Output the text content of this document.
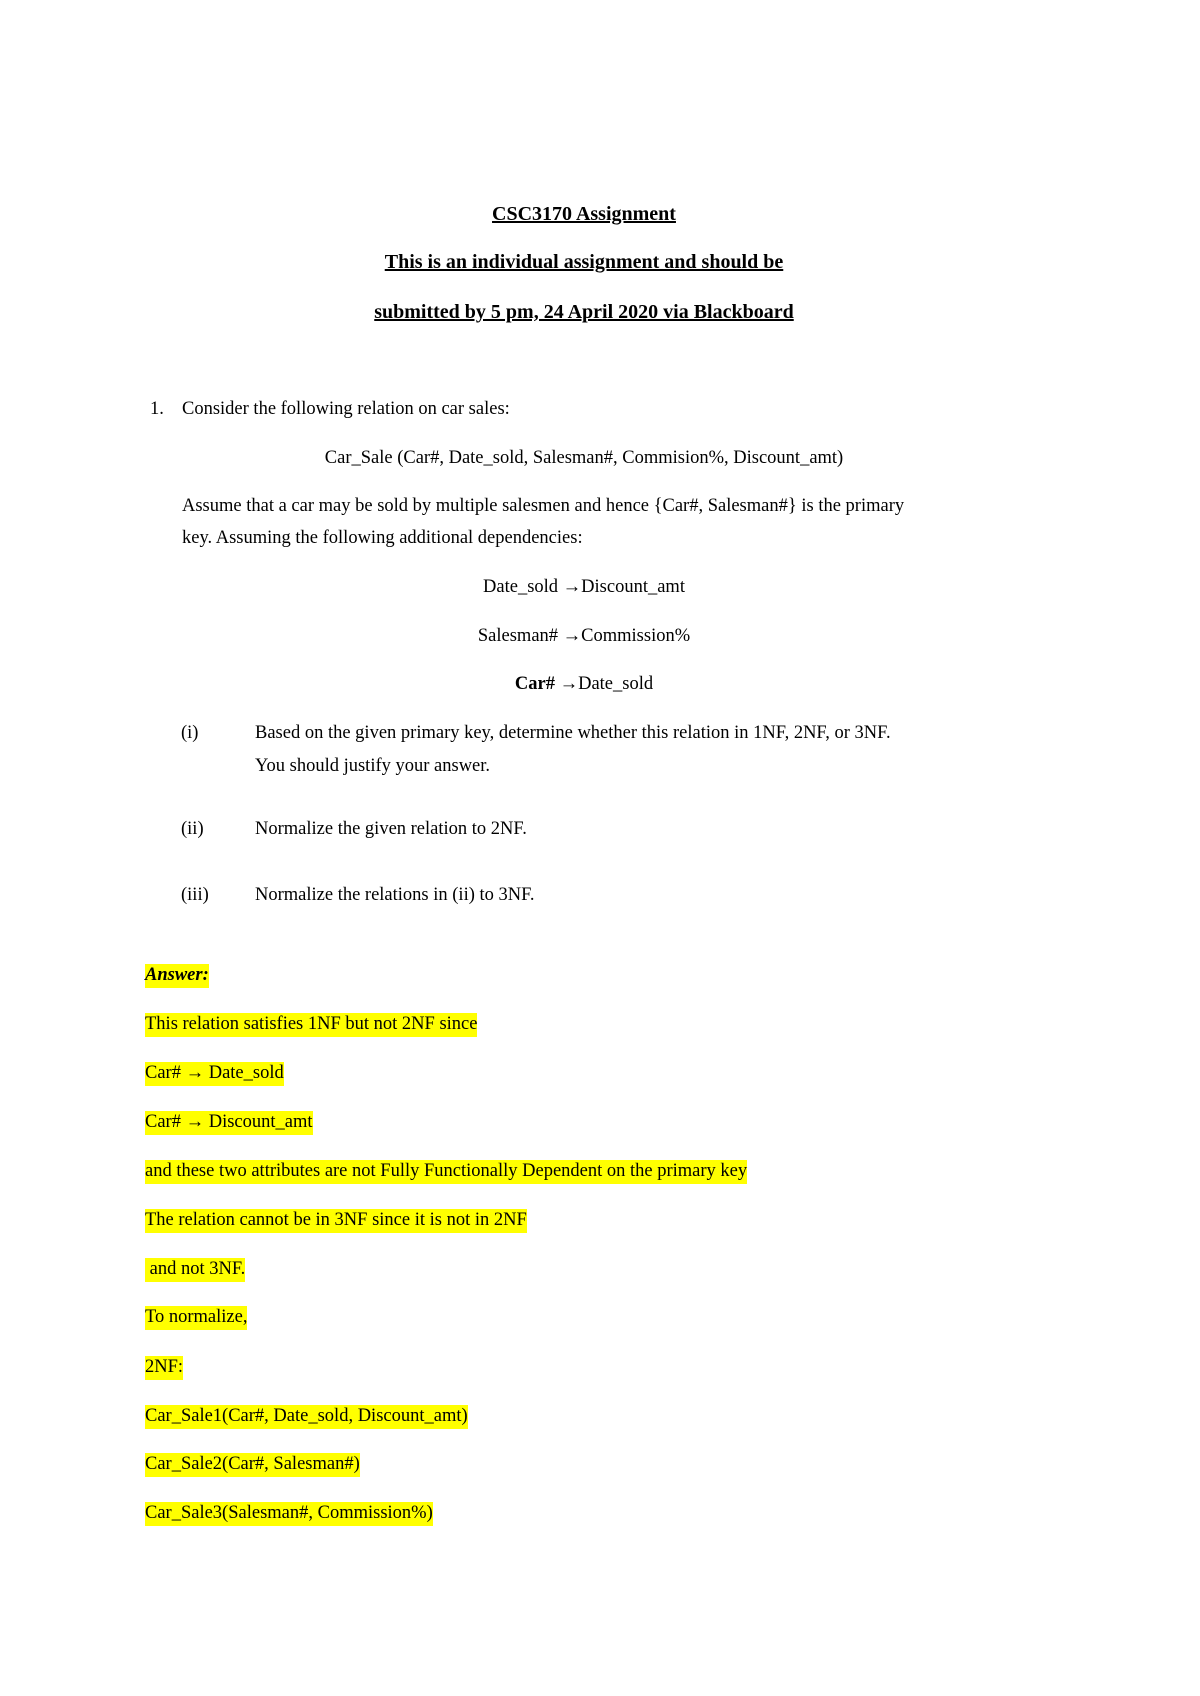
CSC3170 Assignment
This is an individual assignment and should be
submitted by 5 pm, 24 April 2020 via Blackboard
1. Consider the following relation on car sales:
Car_Sale (Car#, Date_sold, Salesman#, Commision%, Discount_amt)
Assume that a car may be sold by multiple salesmen and hence {Car#, Salesman#} is the primary
key. Assuming the following additional dependencies:
Date_sold →Discount_amt
Salesman# →Commission%
Car# →Date_sold
(i)	Based on the given primary key, determine whether this relation in 1NF, 2NF, or 3NF.
You should justify your answer.
(ii)	Normalize the given relation to 2NF.
(iii)	Normalize the relations in (ii) to 3NF.
Answer:
This relation satisfies 1NF but not 2NF since
Car# → Date_sold
Car# → Discount_amt
and these two attributes are not Fully Functionally Dependent on the primary key
The relation cannot be in 3NF since it is not in 2NF
and not 3NF.
To normalize,
2NF:
Car_Sale1(Car#, Date_sold, Discount_amt)
Car_Sale2(Car#, Salesman#)
Car_Sale3(Salesman#, Commission%)
